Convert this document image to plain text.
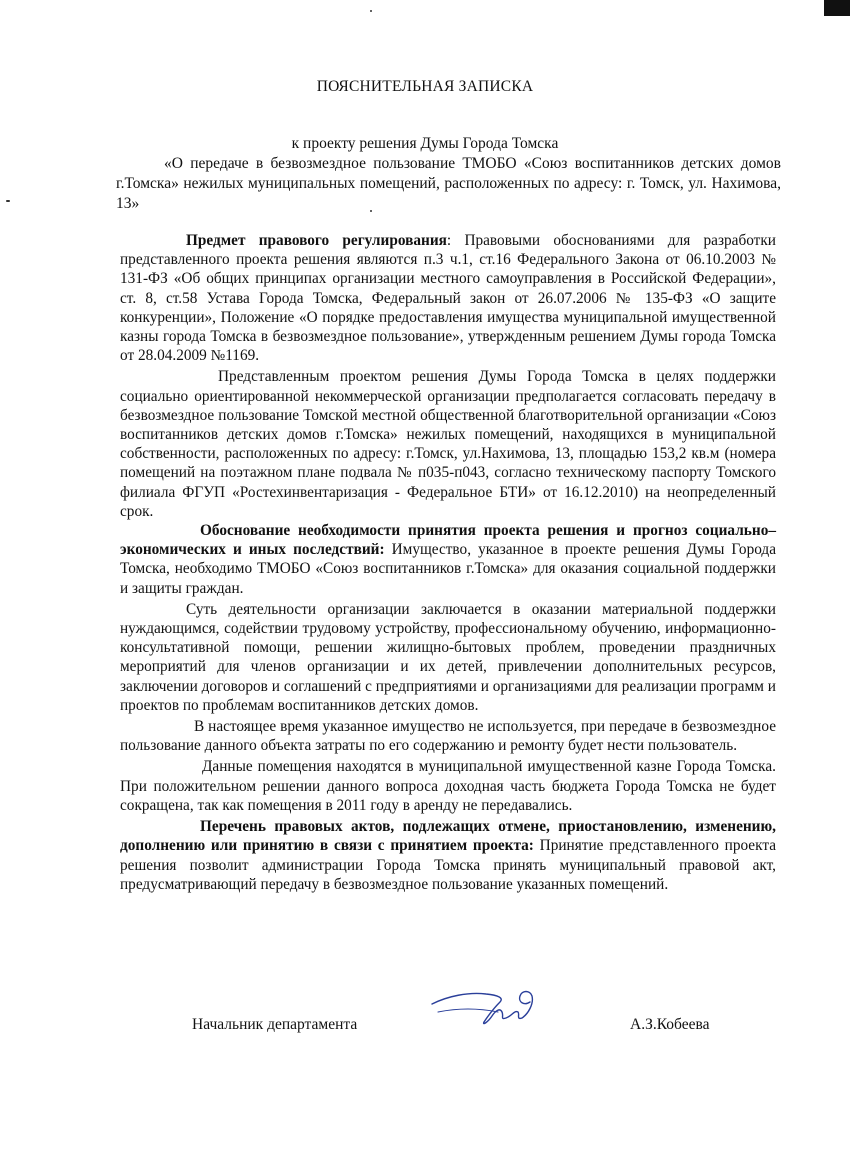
ПОЯСНИТЕЛЬНАЯ ЗАПИСКА
к проекту решения Думы Города Томска
«О передаче в безвозмездное пользование ТМОБО «Союз воспитанников детских домов г.Томска» нежилых муниципальных помещений, расположенных по адресу: г. Томск, ул. Нахимова, 13»

Предмет правового регулирования: Правовыми обоснованиями для разработки представленного проекта решения являются п.3 ч.1, ст.16 Федерального Закона от 06.10.2003 № 131-ФЗ «Об общих принципах организации местного самоуправления в Российской Федерации», ст. 8, ст.58 Устава Города Томска, Федеральный закон от 26.07.2006 № 135-ФЗ «О защите конкуренции», Положение «О порядке предоставления имущества муниципальной имущественной казны города Томска в безвозмездное пользование», утвержденным решением Думы города Томска от 28.04.2009 №1169.

Представленным проектом решения Думы Города Томска в целях поддержки социально ориентированной некоммерческой организации предполагается согласовать передачу в безвозмездное пользование Томской местной общественной благотворительной организации «Союз воспитанников детских домов г.Томска» нежилых помещений, находящихся в муниципальной собственности, расположенных по адресу: г.Томск, ул.Нахимова, 13, площадью 153,2 кв.м (номера помещений на поэтажном плане подвала № п035-п043, согласно техническому паспорту Томского филиала ФГУП «Ростехинвентаризация - Федеральное БТИ» от 16.12.2010) на неопределенный срок.

Обоснование необходимости принятия проекта решения и прогноз социально–экономических и иных последствий: Имущество, указанное в проекте решения Думы Города Томска, необходимо ТМОБО «Союз воспитанников г.Томска» для оказания социальной поддержки и защиты граждан.

Суть деятельности организации заключается в оказании материальной поддержки нуждающимся, содействии трудовому устройству, профессиональному обучению, информационно-консультативной помощи, решении жилищно-бытовых проблем, проведении праздничных мероприятий для членов организации и их детей, привлечении дополнительных ресурсов, заключении договоров и соглашений с предприятиями и организациями для реализации программ и проектов по проблемам воспитанников детских домов.

В настоящее время указанное имущество не используется, при передаче в безвозмездное пользование данного объекта затраты по его содержанию и ремонту будет нести пользователь.

Данные помещения находятся в муниципальной имущественной казне Города Томска. При положительном решении данного вопроса доходная часть бюджета Города Томска не будет сокращена, так как помещения в 2011 году в аренду не передавались.

Перечень правовых актов, подлежащих отмене, приостановлению, изменению, дополнению или принятию в связи с принятием проекта: Принятие представленного проекта решения позволит администрации Города Томска принять муниципальный правовой акт, предусматривающий передачу в безвозмездное пользование указанных помещений.

Начальник департамента	А.З.Кобеева
